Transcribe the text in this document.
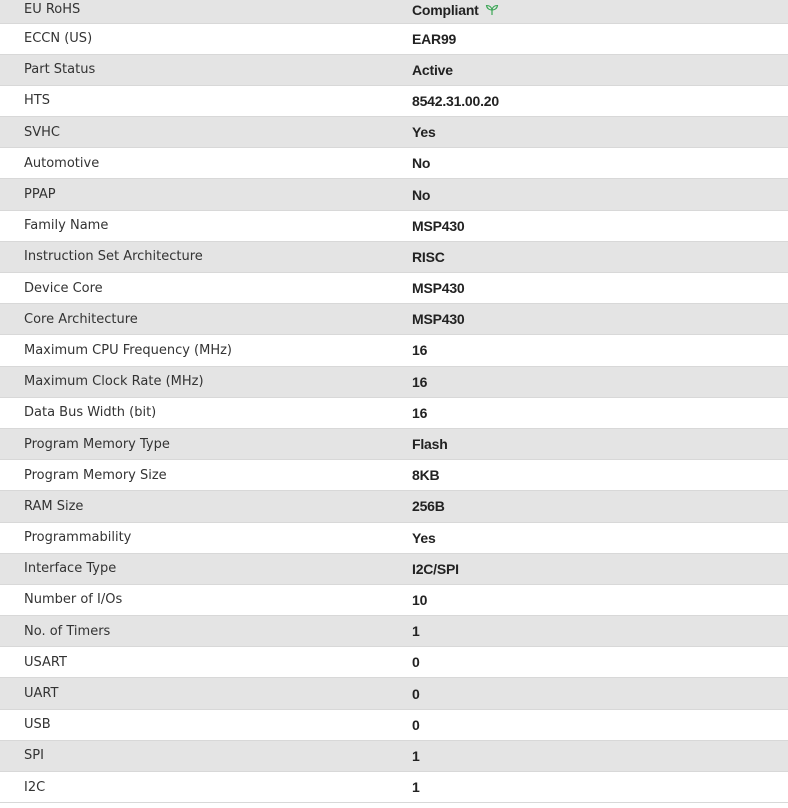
EU RoHS	Compliant
ECCN (US)	EAR99
Part Status	Active
HTS	8542.31.00.20
SVHC	Yes
Automotive	No
PPAP	No
Family Name	MSP430
Instruction Set Architecture	RISC
Device Core	MSP430
Core Architecture	MSP430
Maximum CPU Frequency (MHz)	16
Maximum Clock Rate (MHz)	16
Data Bus Width (bit)	16
Program Memory Type	Flash
Program Memory Size	8KB
RAM Size	256B
Programmability	Yes
Interface Type	I2C/SPI
Number of I/Os	10
No. of Timers	1
USART	0
UART	0
USB	0
SPI	1
I2C	1
